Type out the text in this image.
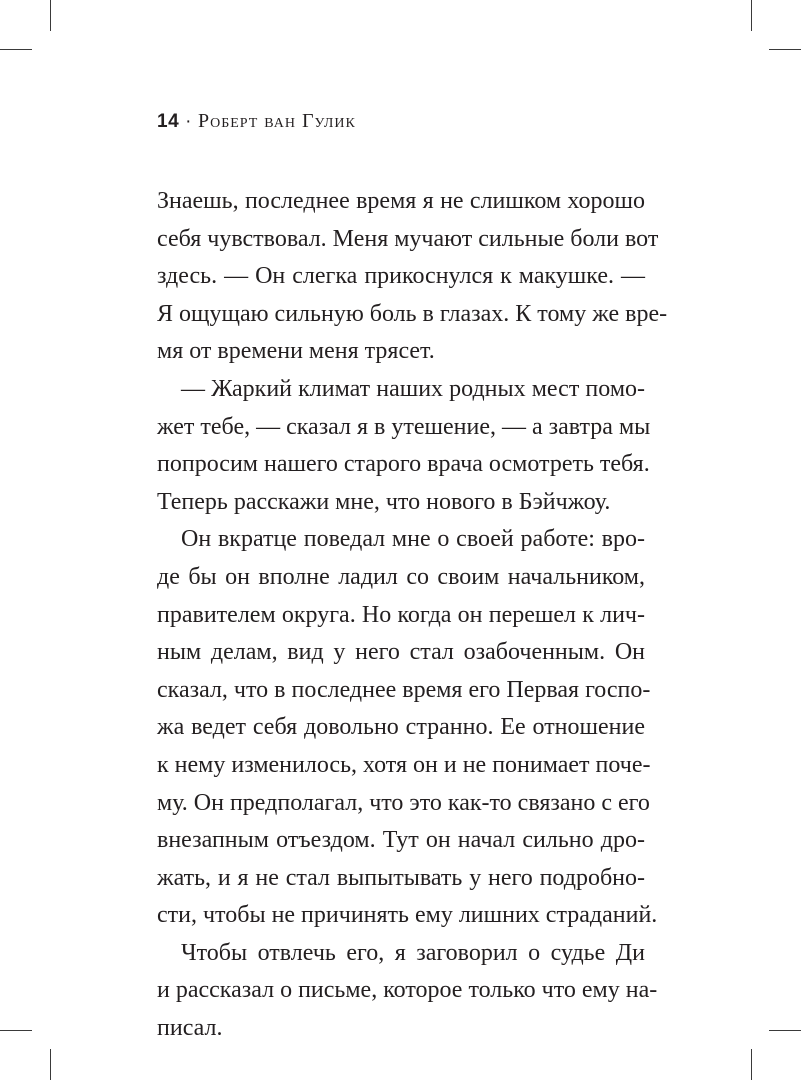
14 · Роберт ван Гулик
Знаешь, последнее время я не слишком хорошо
себя чувствовал. Меня мучают сильные боли вот
здесь. — Он слегка прикоснулся к макушке. —
Я ощущаю сильную боль в глазах. К тому же вре-
мя от времени меня трясет.
— Жаркий климат наших родных мест помо-
жет тебе, — сказал я в утешение, — а завтра мы
попросим нашего старого врача осмотреть тебя.
Теперь расскажи мне, что нового в Бэйчжоу.
Он вкратце поведал мне о своей работе: вро-
де бы он вполне ладил со своим начальником,
правителем округа. Но когда он перешел к лич-
ным делам, вид у него стал озабоченным. Он
сказал, что в последнее время его Первая госпо-
жа ведет себя довольно странно. Ее отношение
к нему изменилось, хотя он и не понимает поче-
му. Он предполагал, что это как-то связано с его
внезапным отъездом. Тут он начал сильно дро-
жать, и я не стал выпытывать у него подробно-
сти, чтобы не причинять ему лишних страданий.
Чтобы отвлечь его, я заговорил о судье Ди
и рассказал о письме, которое только что ему на-
писал.
